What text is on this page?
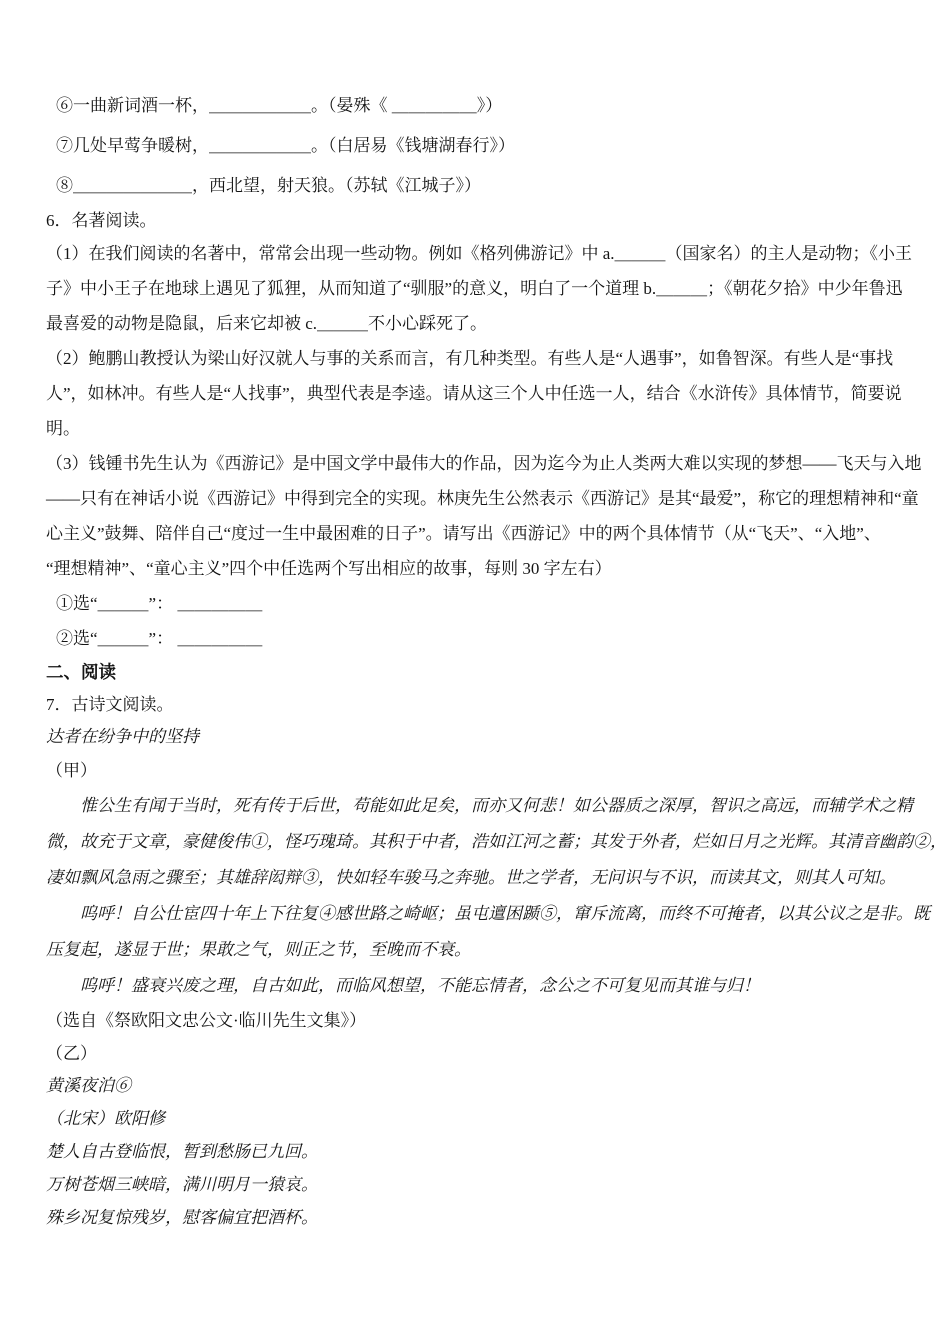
⑥一曲新词酒一杯，＿＿＿＿＿＿。（晏殊《 ＿＿＿＿＿》）
⑦几处早莺争暖树，＿＿＿＿＿＿。（白居易《钱塘湖春行》）
⑧＿＿＿＿＿＿＿，西北望，射天狼。（苏轼《江城子》）
6．名著阅读。
（1）在我们阅读的名著中，常常会出现一些动物。例如《格列佛游记》中 a.＿＿＿（国家名）的主人是动物；《小王
子》中小王子在地球上遇见了狐狸，从而知道了“驯服”的意义，明白了一个道理 b.＿＿＿；《朝花夕拾》中少年鲁迅
最喜爱的动物是隐鼠，后来它却被 c.＿＿＿不小心踩死了。
（2）鲍鹏山教授认为梁山好汉就人与事的关系而言，有几种类型。有些人是“人遇事”，如鲁智深。有些人是“事找
人”，如林冲。有些人是“人找事”，典型代表是李逵。请从这三个人中任选一人，结合《水浒传》具体情节，简要说
明。
（3）钱锺书先生认为《西游记》是中国文学中最伟大的作品，因为迄今为止人类两大难以实现的梦想——飞天与入地
——只有在神话小说《西游记》中得到完全的实现。林庚先生公然表示《西游记》是其“最爱”，称它的理想精神和“童
心主义”鼓舞、陪伴自己“度过一生中最困难的日子”。请写出《西游记》中的两个具体情节（从“飞天”、“入地”、
“理想精神”、“童心主义”四个中任选两个写出相应的故事，每则 30 字左右）
①选“＿＿＿”： ＿＿＿＿＿
②选“＿＿＿”： ＿＿＿＿＿
二、阅读
7．古诗文阅读。
达者在纷争中的坚持
（甲）
　　惟公生有闻于当时，死有传于后世，苟能如此足矣，而亦又何悲！如公器质之深厚，智识之高远，而辅学术之精
微，故充于文章，豪健俊伟①，怪巧瑰琦。其积于中者，浩如江河之蓄；其发于外者，烂如日月之光辉。其清音幽韵②，
凄如飘风急雨之骤至；其雄辞闳辩③，快如轻车骏马之奔驰。世之学者，无问识与不识，而读其文，则其人可知。
　　呜呼！自公仕宦四十年上下往复④感世路之崎岖；虽屯邅困踬⑤，窜斥流离，而终不可掩者，以其公议之是非。既
压复起，遂显于世；果敢之气，则正之节，至晚而不衰。
　　呜呼！盛衰兴废之理，自古如此，而临风想望，不能忘情者，念公之不可复见而其谁与归！
（选自《祭欧阳文忠公文·临川先生文集》）
（乙）
黄溪夜泊⑥
（北宋）欧阳修
楚人自古登临恨，暂到愁肠已九回。
万树苍烟三峡暗，满川明月一猿哀。
殊乡况复惊残岁，慰客偏宜把酒杯。
